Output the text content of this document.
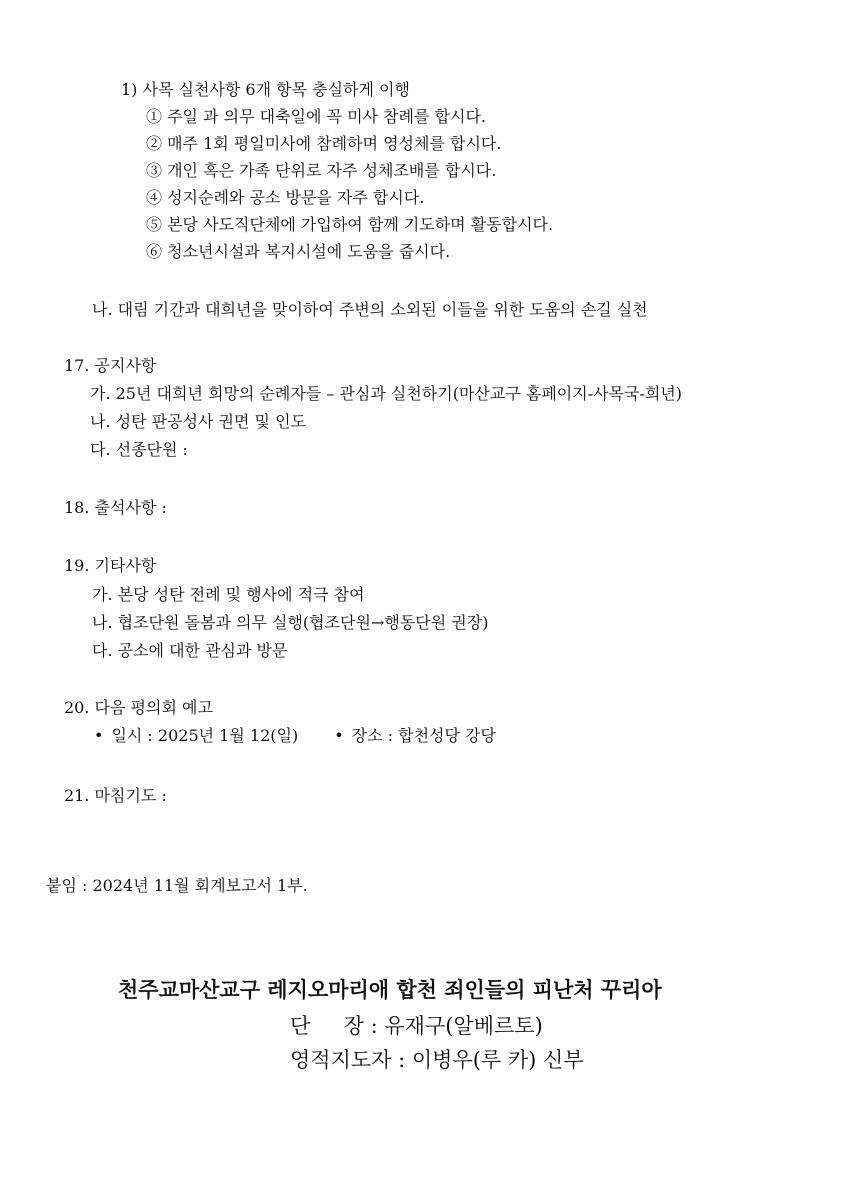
1) 사목 실천사항 6개 항목 충실하게 이행
① 주일 과 의무 대축일에 꼭 미사 참례를 합시다.
② 매주 1회 평일미사에 참례하며 영성체를 합시다.
③ 개인 혹은 가족 단위로 자주 성체조배를 합시다.
④ 성지순례와 공소 방문을 자주 합시다.
⑤ 본당 사도직단체에 가입하여 함께 기도하며 활동합시다.
⑥ 청소년시설과 복지시설에 도움을 줍시다.
나. 대림 기간과 대희년을 맞이하여 주변의 소외된 이들을 위한 도움의 손길 실천
17. 공지사항
가. 25년 대희년 희망의 순례자들 – 관심과 실천하기(마산교구 홈페이지-사목국-희년)
나. 성탄 판공성사 권면 및 인도
다. 선종단원 :
18. 출석사항 :
19. 기타사항
가. 본당 성탄 전례 및 행사에 적극 참여
나. 협조단원 돌봄과 의무 실행(협조단원→행동단원 권장)
다. 공소에 대한 관심과 방문
20. 다음 평의회 예고
• 일시 : 2025년 1월 12(일) • 장소 : 합천성당 강당
21. 마침기도 :
붙임 : 2024년 11월 회계보고서 1부.
천주교마산교구 레지오마리애 합천 죄인들의 피난처 꾸리아
단     장 : 유재구(알베르토)
영적지도자 : 이병우(루 카) 신부
